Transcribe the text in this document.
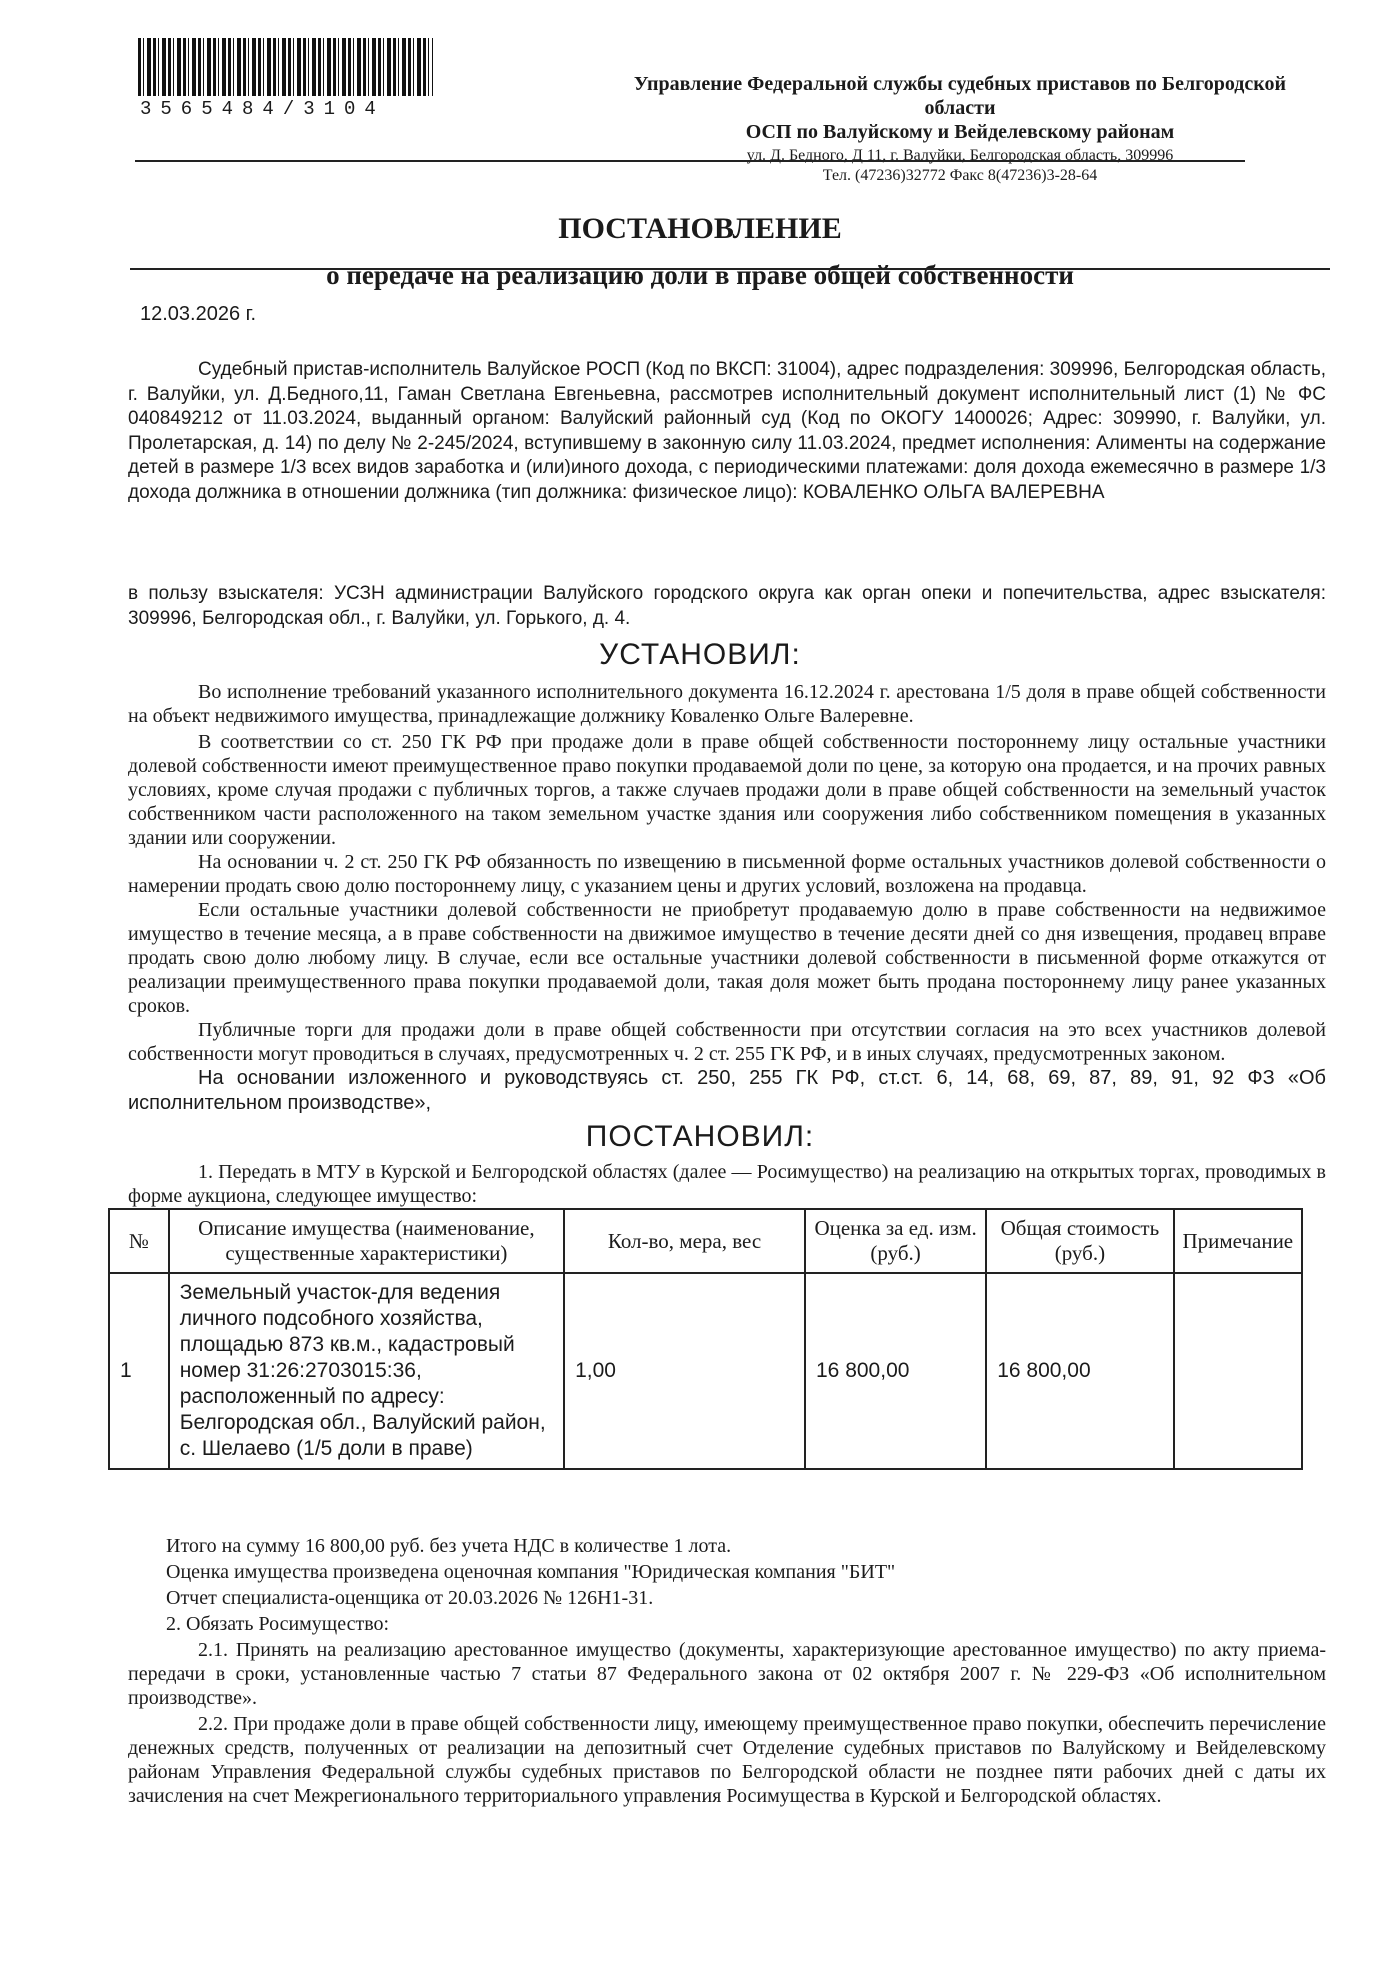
3565484/3104
Управление Федеральной службы судебных приставов по Белгородской
области
ОСП по Валуйскому и Вейделевскому районам
ул. Д. Бедного, Д 11, г. Валуйки, Белгородская область, 309996
Тел. (47236)32772 Факс 8(47236)3-28-64
ПОСТАНОВЛЕНИЕ
о передаче на реализацию доли в праве общей собственности
12.03.2026 г.
Судебный пристав-исполнитель Валуйское РОСП (Код по ВКСП: 31004), адрес подразделения: 309996, Белгородская область, г. Валуйки, ул. Д.Бедного,11, Гаман Светлана Евгеньевна, рассмотрев исполнительный документ исполнительный лист (1) № ФС 040849212 от 11.03.2024, выданный органом: Валуйский районный суд (Код по ОКОГУ 1400026; Адрес: 309990, г. Валуйки, ул. Пролетарская, д. 14) по делу № 2-245/2024, вступившему в законную силу 11.03.2024, предмет исполнения: Алименты на содержание детей в размере 1/3 всех видов заработка и (или)иного дохода, с периодическими платежами: доля дохода ежемесячно в размере 1/3 дохода должника в отношении должника (тип должника: физическое лицо): КОВАЛЕНКО ОЛЬГА ВАЛЕРЕВНА
в пользу взыскателя: УСЗН администрации Валуйского городского округа как орган опеки и попечительства, адрес взыскателя: 309996, Белгородская обл., г. Валуйки, ул. Горького, д. 4.
УСТАНОВИЛ:
Во исполнение требований указанного исполнительного документа 16.12.2024 г. арестована 1/5 доля в праве общей собственности на объект недвижимого имущества, принадлежащие должнику Коваленко Ольге Валеревне.
В соответствии со ст. 250 ГК РФ при продаже доли в праве общей собственности постороннему лицу остальные участники долевой собственности имеют преимущественное право покупки продаваемой доли по цене, за которую она продается, и на прочих равных условиях, кроме случая продажи с публичных торгов, а также случаев продажи доли в праве общей собственности на земельный участок собственником части расположенного на таком земельном участке здания или сооружения либо собственником помещения в указанных здании или сооружении.
На основании ч. 2 ст. 250 ГК РФ обязанность по извещению в письменной форме остальных участников долевой собственности о намерении продать свою долю постороннему лицу, с указанием цены и других условий, возложена на продавца.
Если остальные участники долевой собственности не приобретут продаваемую долю в праве собственности на недвижимое имущество в течение месяца, а в праве собственности на движимое имущество в течение десяти дней со дня извещения, продавец вправе продать свою долю любому лицу. В случае, если все остальные участники долевой собственности в письменной форме откажутся от реализации преимущественного права покупки продаваемой доли, такая доля может быть продана постороннему лицу ранее указанных сроков.
Публичные торги для продажи доли в праве общей собственности при отсутствии согласия на это всех участников долевой собственности могут проводиться в случаях, предусмотренных ч. 2 ст. 255 ГК РФ, и в иных случаях, предусмотренных законом.
На основании изложенного и руководствуясь ст. 250, 255 ГК РФ, ст.ст. 6, 14, 68, 69, 87, 89, 91, 92 ФЗ «Об исполнительном производстве»,
ПОСТАНОВИЛ:
1. Передать в МТУ в Курской и Белгородской областях (далее — Росимущество) на реализацию на открытых торгах, проводимых в форме аукциона, следующее имущество:
№	Описание имущества (наименование, существенные характеристики)	Кол-во, мера, вес	Оценка за ед. изм. (руб.)	Общая стоимость (руб.)	Примечание
1	Земельный участок-для ведения личного подсобного хозяйства, площадью 873 кв.м., кадастровый номер 31:26:2703015:36, расположенный по адресу: Белгородская обл., Валуйский район, с. Шелаево (1/5 доли в праве)	1,00	16 800,00	16 800,00	
Итого на сумму 16 800,00 руб. без учета НДС в количестве 1 лота.
Оценка имущества произведена оценочная компания "Юридическая компания "БИТ"
Отчет специалиста-оценщика от 20.03.2026 № 126Н1-31.
2. Обязать Росимущество:
2.1. Принять на реализацию арестованное имущество (документы, характеризующие арестованное имущество) по акту приема-передачи в сроки, установленные частью 7 статьи 87 Федерального закона от 02 октября 2007 г. № 229-ФЗ «Об исполнительном производстве».
2.2. При продаже доли в праве общей собственности лицу, имеющему преимущественное право покупки, обеспечить перечисление денежных средств, полученных от реализации на депозитный счет Отделение судебных приставов по Валуйскому и Вейделевскому районам Управления Федеральной службы судебных приставов по Белгородской области не позднее пяти рабочих дней с даты их зачисления на счет Межрегионального территориального управления Росимущества в Курской и Белгородской областях.
